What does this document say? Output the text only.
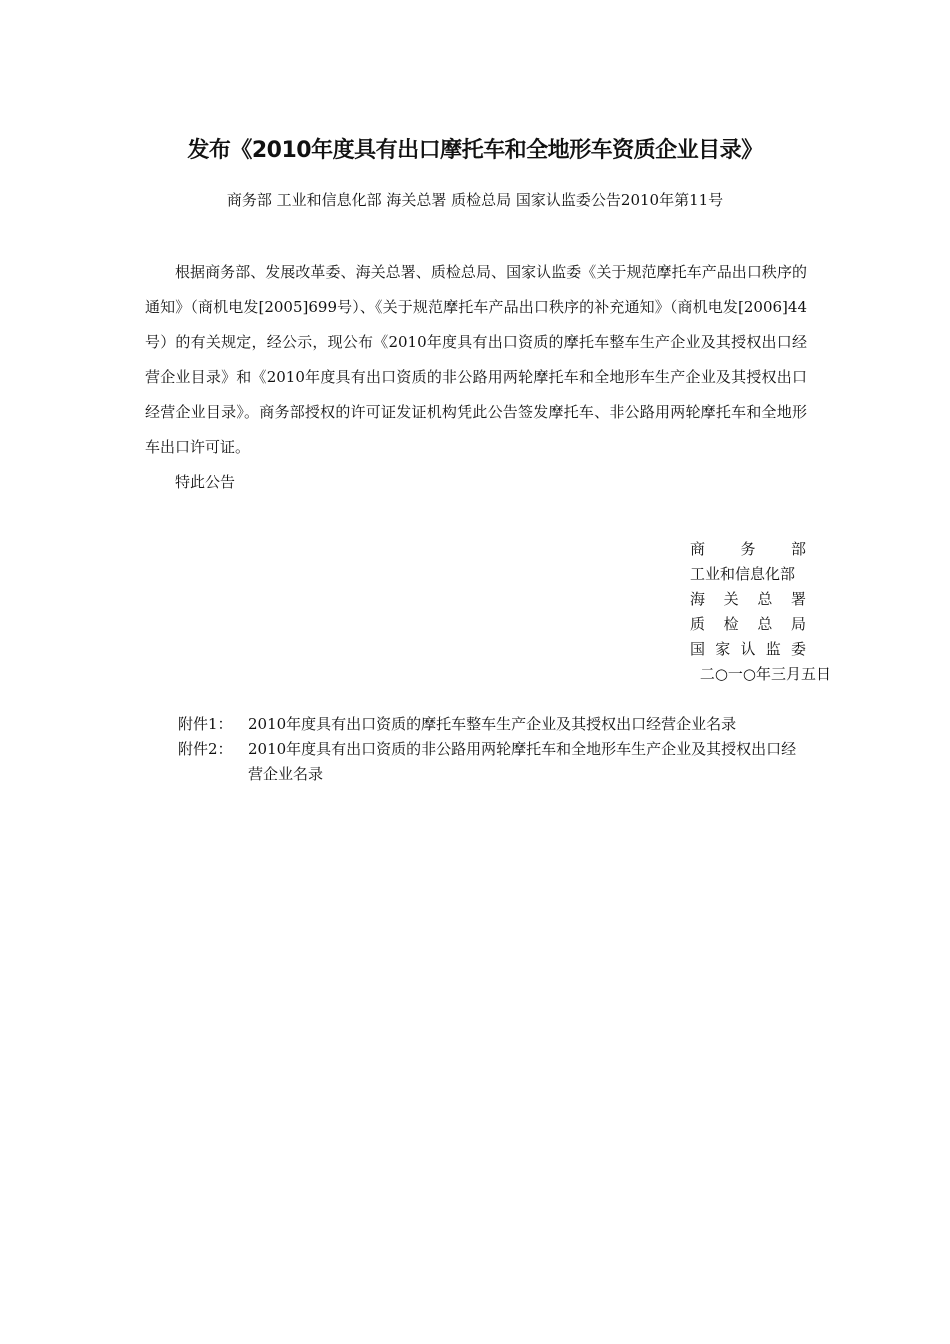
发布《2010年度具有出口摩托车和全地形车资质企业目录》
商务部 工业和信息化部 海关总署 质检总局 国家认监委公告2010年第11号

根据商务部、发展改革委、海关总署、质检总局、国家认监委《关于规范摩托车产品出口秩序的通知》（商机电发[2005]699号）、《关于规范摩托车产品出口秩序的补充通知》（商机电发[2006]44号）的有关规定，经公示，现公布《2010年度具有出口资质的摩托车整车生产企业及其授权出口经营企业目录》和《2010年度具有出口资质的非公路用两轮摩托车和全地形车生产企业及其授权出口经营企业目录》。商务部授权的许可证发证机构凭此公告签发摩托车、非公路用两轮摩托车和全地形车出口许可证。

特此公告

商 务 部
工业和信息化部
海 关 总 署
质 检 总 局
国 家 认 监 委
二○一○年三月五日
附件1：	2010年度具有出口资质的摩托车整车生产企业及其授权出口经营企业名录
附件2：	2010年度具有出口资质的非公路用两轮摩托车和全地形车生产企业及其授权出口经营企业名录
